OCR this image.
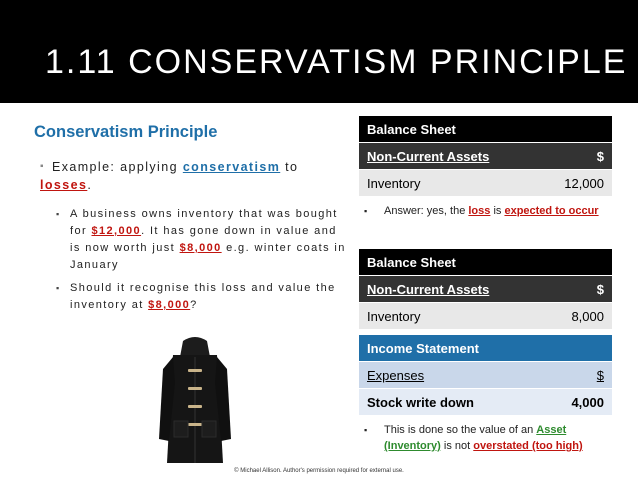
1.11 CONSERVATISM PRINCIPLE
Conservatism Principle
▪ Example: applying conservatism to
losses.
▪ A business owns inventory that was bought for $12,000. It has gone down in value and is now worth just $8,000 e.g. winter coats in January
▪ Should it recognise this loss and value the inventory at $8,000?
Balance Sheet	
Non-Current Assets	$
Inventory	12,000
▪ Answer: yes, the loss is expected to occur
Balance Sheet	
Non-Current Assets	$
Inventory	8,000
Income Statement	
Expenses	$
Stock write down	4,000
▪ This is done so the value of an Asset (Inventory) is not overstated (too high)
© Michael Allison. Author's permission required for external use.
